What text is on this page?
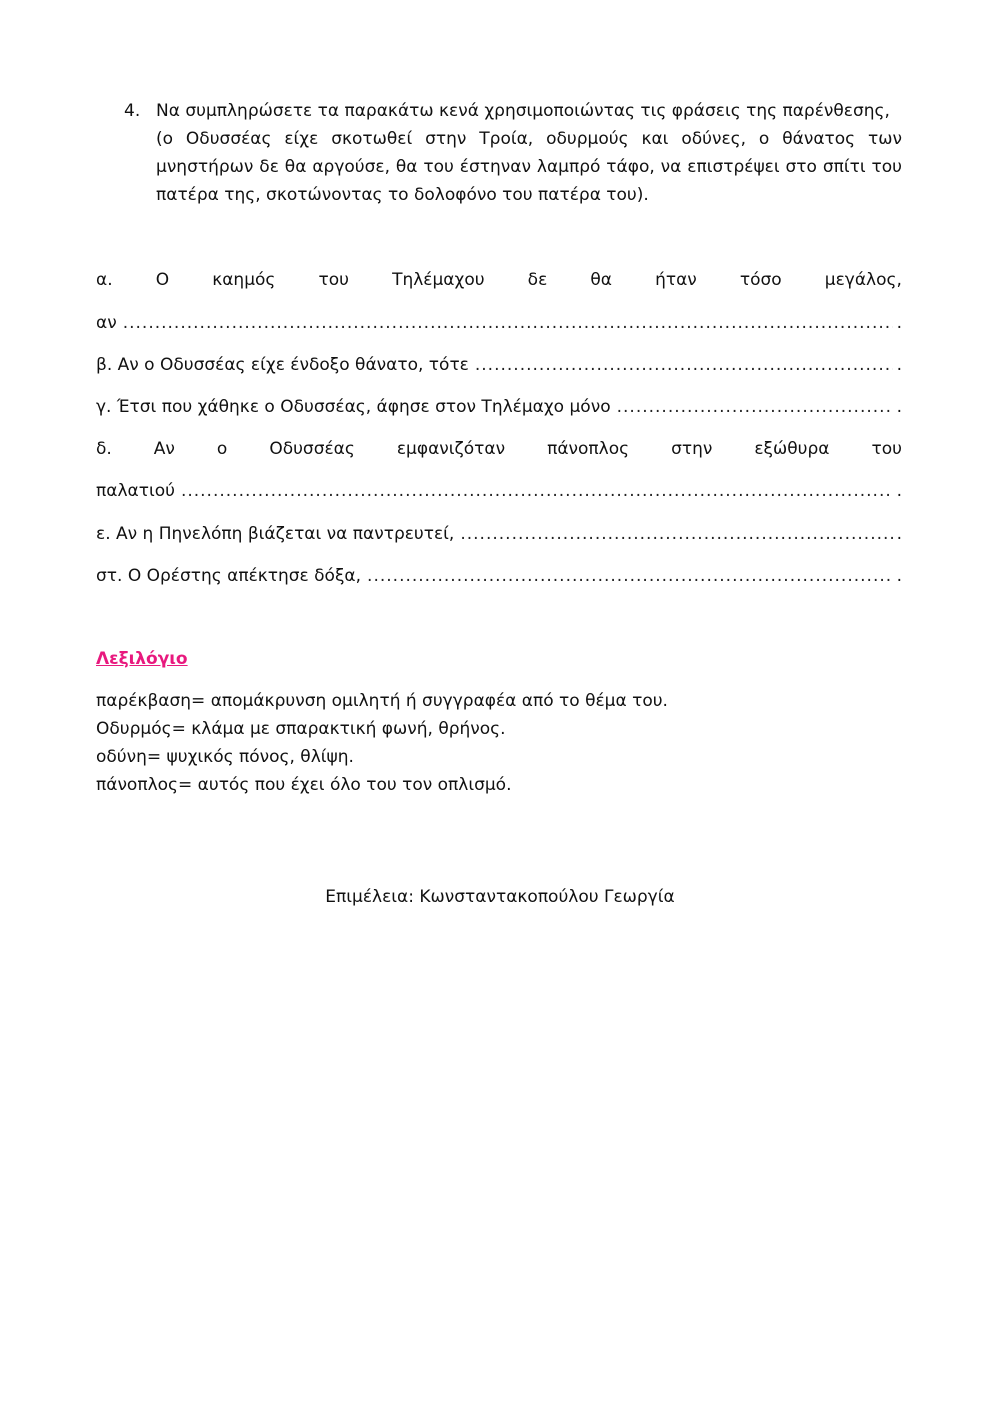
4. Να συμπληρώσετε τα παρακάτω κενά χρησιμοποιώντας τις φράσεις της παρένθεσης,

(ο Οδυσσέας είχε σκοτωθεί στην Τροία, οδυρμούς και οδύνες, ο θάνατος των μνηστήρων δε θα αργούσε, θα του έστηναν λαμπρό τάφο, να επιστρέψει στο σπίτι του πατέρα της, σκοτώνοντας το δολοφόνο του πατέρα του).

α.	Ο	καημός	του	Τηλέμαχου	δε	θα	ήταν	τόσο	μεγάλος,
αν .....	.
β. Αν ο Οδυσσέας είχε ένδοξο θάνατο, τότε .....	.
γ. Έτσι που χάθηκε ο Οδυσσέας, άφησε στον Τηλέμαχο μόνο .....	.
δ. Αν ο Οδυσσέας εμφανιζόταν πάνοπλος στην εξώθυρα του
παλατιού .....	.
ε. Αν η Πηνελόπη βιάζεται να παντρευτεί, .....	.
στ. Ο Ορέστης απέκτησε δόξα, .....	.
Λεξιλόγιο
παρέκβαση= απομάκρυνση ομιλητή ή συγγραφέα από το θέμα του.
Οδυρμός= κλάμα με σπαρακτική φωνή, θρήνος.
οδύνη= ψυχικός πόνος, θλίψη.
πάνοπλος= αυτός που έχει όλο του τον οπλισμό.
Επιμέλεια: Κωνσταντακοπούλου Γεωργία
